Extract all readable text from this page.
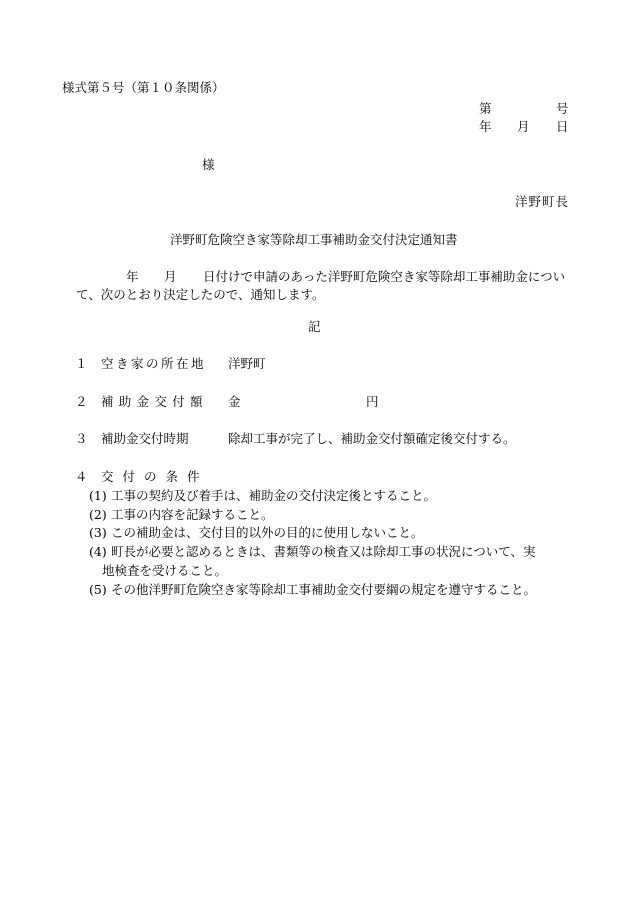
様式第５号（第１０条関係）
第	号
年 月 日
様
洋野町長
洋野町危険空き家等除却工事補助金交付決定通知書
年 月 日付けで申請のあった洋野町危険空き家等除却工事補助金につい
て、次のとおり決定したので、通知します。
記
１ 空き家の所在地 洋野町
２ 補助金交付額 金	円
３ 補助金交付時期	除却工事が完了し、補助金交付額確定後交付する。
４ 交付の条件
(1) 工事の契約及び着手は、補助金の交付決定後とすること。
(2) 工事の内容を記録すること。
(3) この補助金は、交付目的以外の目的に使用しないこと。
(4) 町長が必要と認めるときは、書類等の検査又は除却工事の状況について、実
地検査を受けること。
(5) その他洋野町危険空き家等除却工事補助金交付要綱の規定を遵守すること。
